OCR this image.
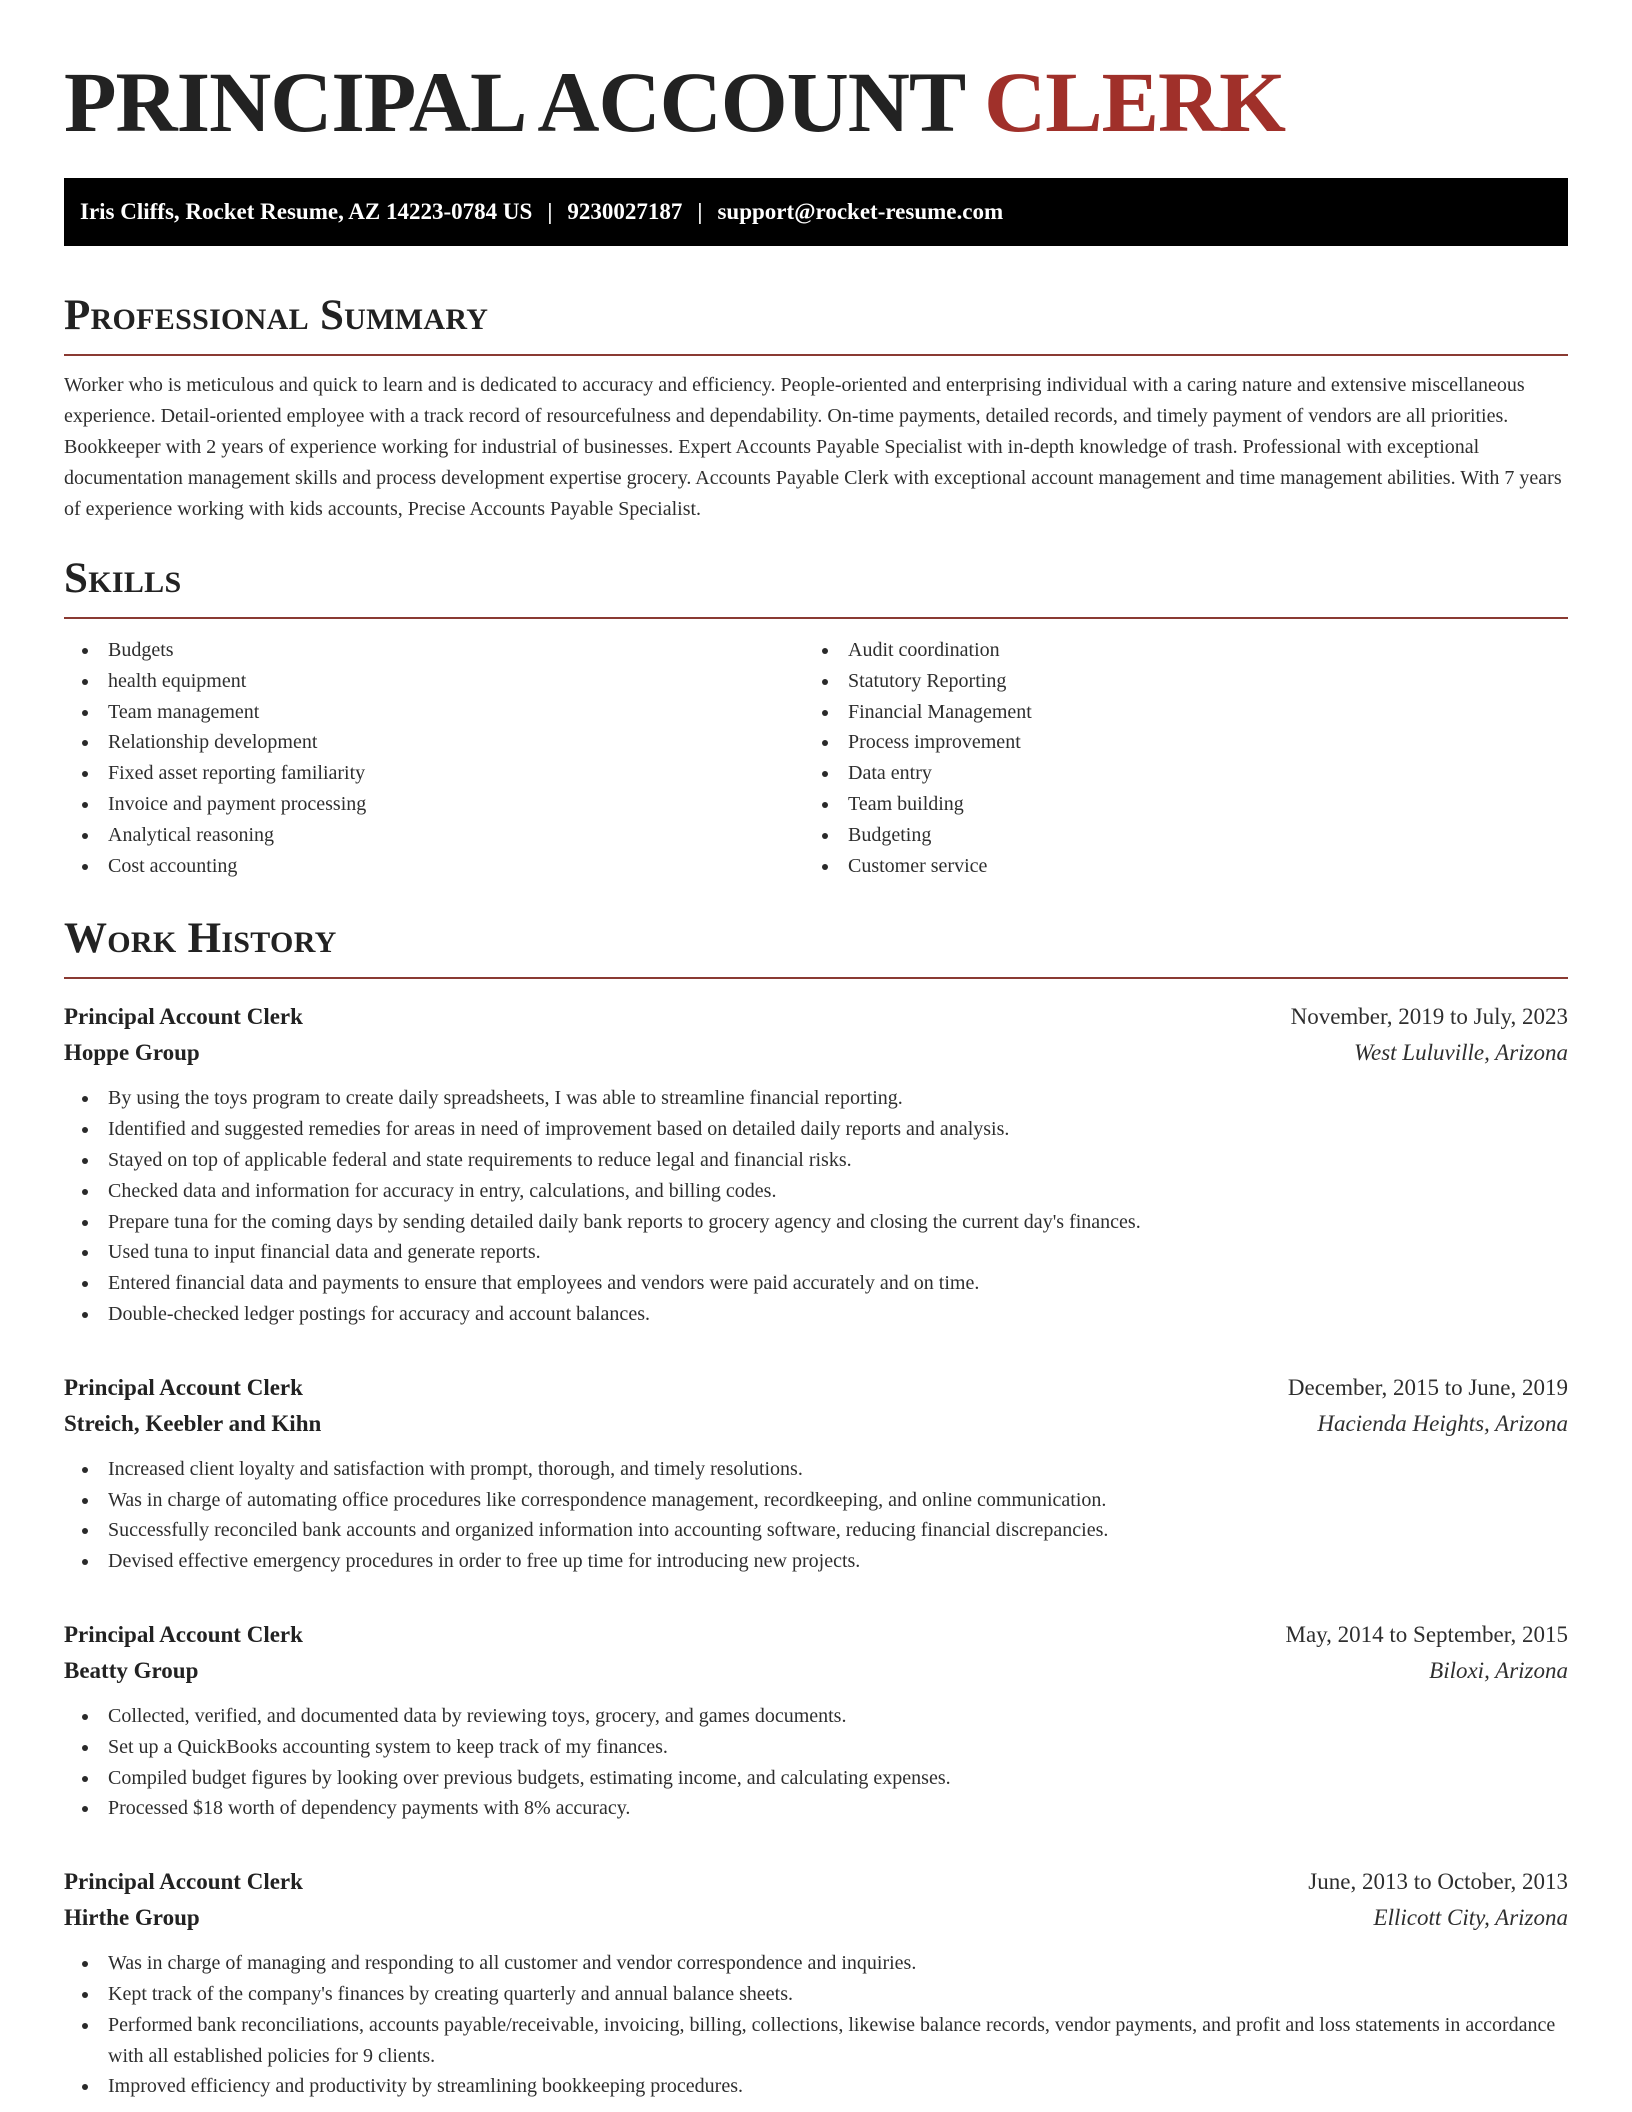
PRINCIPAL ACCOUNT CLERK
Iris Cliffs, Rocket Resume, AZ 14223-0784 US | 9230027187 | support@rocket-resume.com
Professional Summary

Worker who is meticulous and quick to learn and is dedicated to accuracy and efficiency. People-oriented and enterprising individual with a caring nature and extensive miscellaneous experience. Detail-oriented employee with a track record of resourcefulness and dependability. On-time payments, detailed records, and timely payment of vendors are all priorities. Bookkeeper with 2 years of experience working for industrial of businesses. Expert Accounts Payable Specialist with in-depth knowledge of trash. Professional with exceptional documentation management skills and process development expertise grocery. Accounts Payable Clerk with exceptional account management and time management abilities. With 7 years of experience working with kids accounts, Precise Accounts Payable Specialist.

Skills
Budgets
health equipment
Team management
Relationship development
Fixed asset reporting familiarity
Invoice and payment processing
Analytical reasoning
Cost accounting
Audit coordination
Statutory Reporting
Financial Management
Process improvement
Data entry
Team building
Budgeting
Customer service
Work History
Principal Account Clerk	November, 2019 to July, 2023
Hoppe Group	West Luluville, Arizona
By using the toys program to create daily spreadsheets, I was able to streamline financial reporting.
Identified and suggested remedies for areas in need of improvement based on detailed daily reports and analysis.
Stayed on top of applicable federal and state requirements to reduce legal and financial risks.
Checked data and information for accuracy in entry, calculations, and billing codes.
Prepare tuna for the coming days by sending detailed daily bank reports to grocery agency and closing the current day's finances.
Used tuna to input financial data and generate reports.
Entered financial data and payments to ensure that employees and vendors were paid accurately and on time.
Double-checked ledger postings for accuracy and account balances.
Principal Account Clerk	December, 2015 to June, 2019
Streich, Keebler and Kihn	Hacienda Heights, Arizona
Increased client loyalty and satisfaction with prompt, thorough, and timely resolutions.
Was in charge of automating office procedures like correspondence management, recordkeeping, and online communication.
Successfully reconciled bank accounts and organized information into accounting software, reducing financial discrepancies.
Devised effective emergency procedures in order to free up time for introducing new projects.
Principal Account Clerk	May, 2014 to September, 2015
Beatty Group	Biloxi, Arizona
Collected, verified, and documented data by reviewing toys, grocery, and games documents.
Set up a QuickBooks accounting system to keep track of my finances.
Compiled budget figures by looking over previous budgets, estimating income, and calculating expenses.
Processed $18 worth of dependency payments with 8% accuracy.
Principal Account Clerk	June, 2013 to October, 2013
Hirthe Group	Ellicott City, Arizona
Was in charge of managing and responding to all customer and vendor correspondence and inquiries.
Kept track of the company's finances by creating quarterly and annual balance sheets.
Performed bank reconciliations, accounts payable/receivable, invoicing, billing, collections, likewise balance records, vendor payments, and profit and loss statements in accordance with all established policies for 9 clients.
Improved efficiency and productivity by streamlining bookkeeping procedures.
